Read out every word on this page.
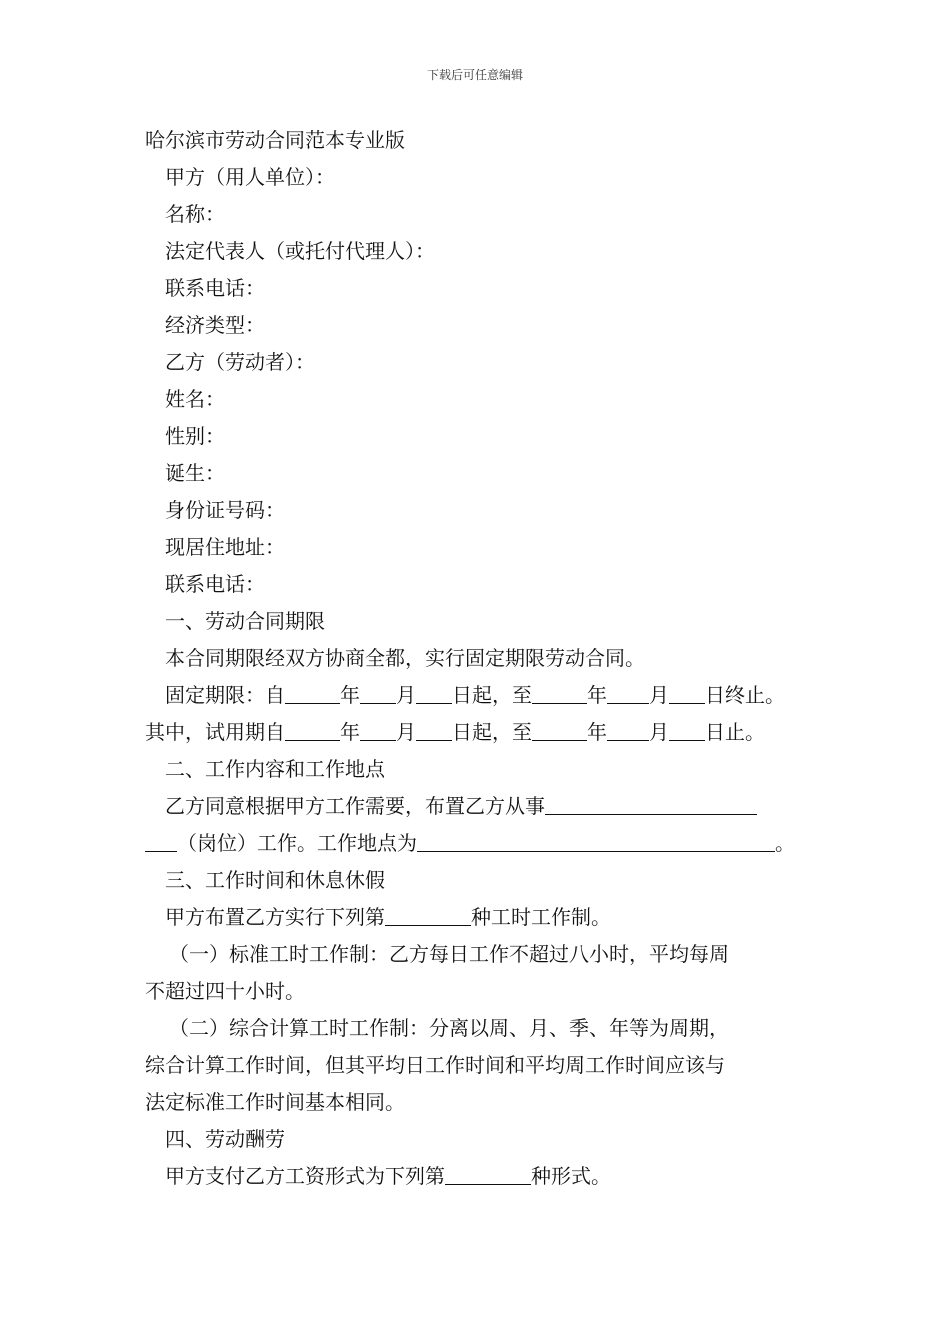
下载后可任意编辑
哈尔滨市劳动合同范本专业版
甲方（用人单位）：
名称：
法定代表人（或托付代理人）：
联系电话：
经济类型：
乙方（劳动者）：
姓名：
性别：
诞生：
身份证号码：
现居住地址：
联系电话：
一、劳动合同期限
本合同期限经双方协商全都，实行固定期限劳动合同。
固定期限：自	年 月 日起，至	年 月 日终止。
其中，试用期自	年 月 日起，至	年 月 日止。
二、工作内容和工作地点
乙方同意根据甲方工作需要，布置乙方从事
（岗位）工作。工作地点为	。
三、工作时间和休息休假
甲方布置乙方实行下列第	种工时工作制。
（一）标准工时工作制：乙方每日工作不超过八小时，平均每周
不超过四十小时。
（二）综合计算工时工作制：分离以周、月、季、年等为周期，
综合计算工作时间，但其平均日工作时间和平均周工作时间应该与
法定标准工作时间基本相同。
四、劳动酬劳
甲方支付乙方工资形式为下列第	种形式。
